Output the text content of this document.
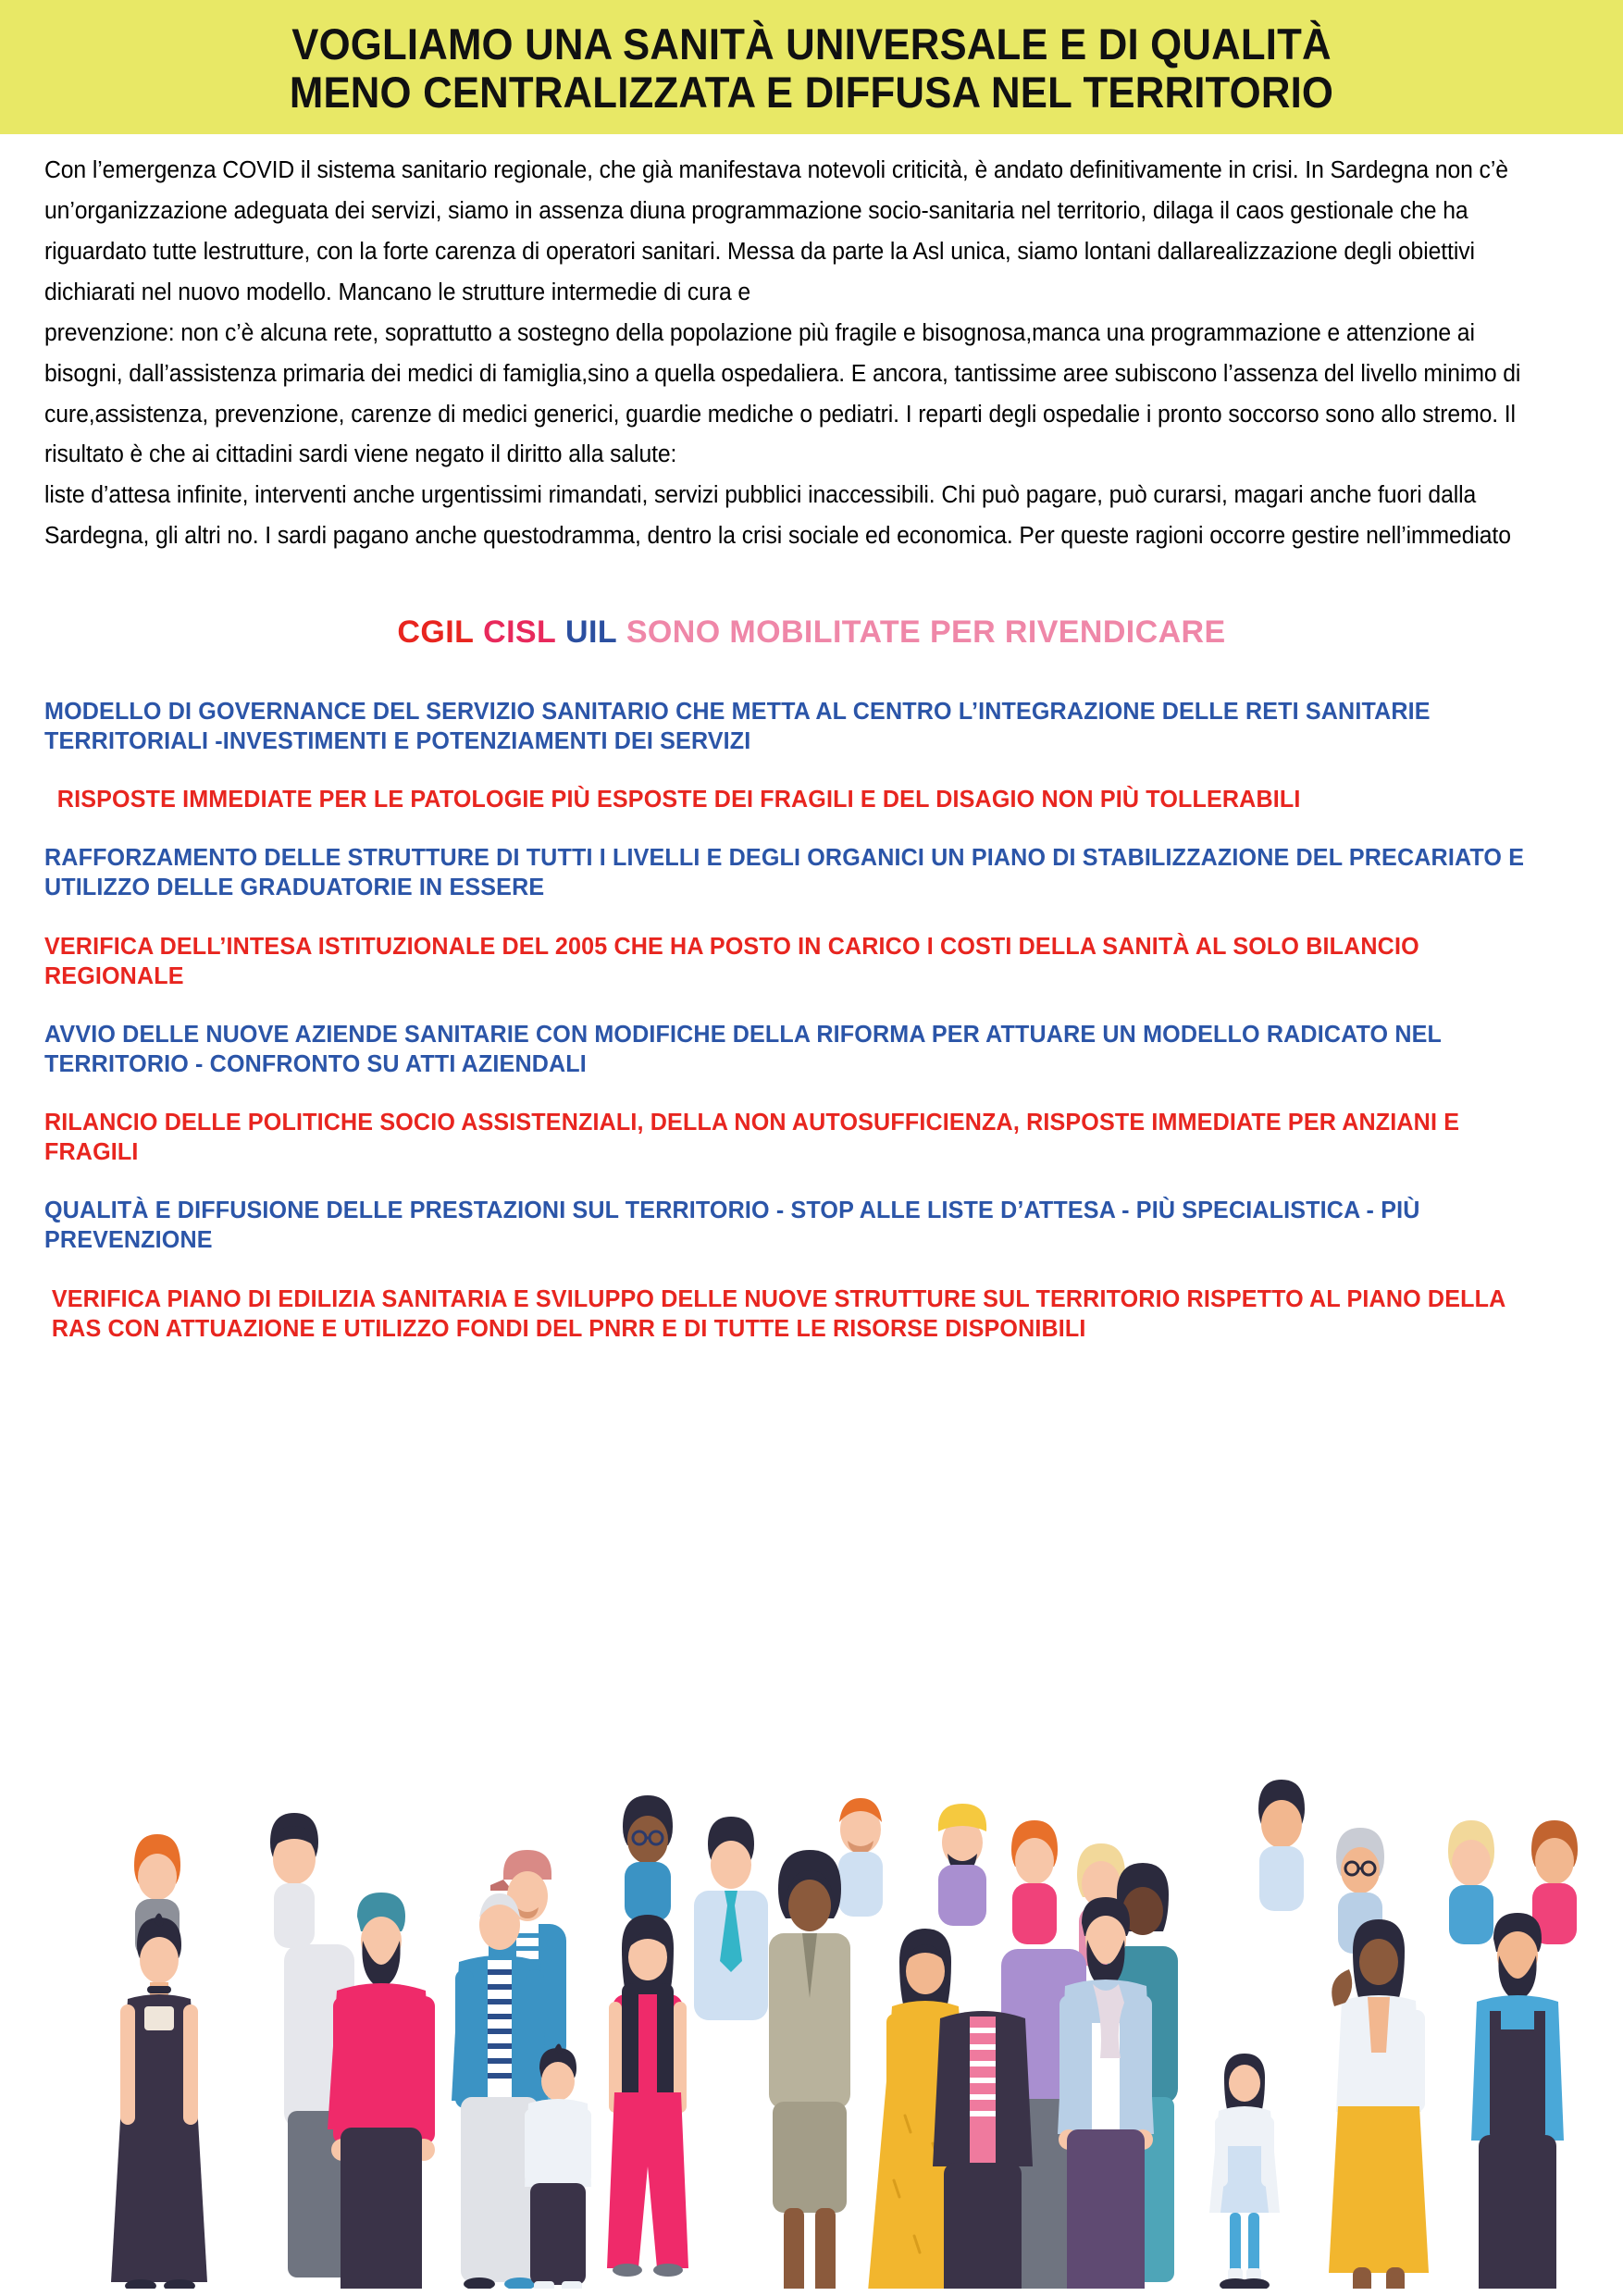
VOGLIAMO UNA SANITÀ UNIVERSALE E DI QUALITÀ
MENO CENTRALIZZATA E DIFFUSA NEL TERRITORIO

Con l’emergenza COVID il sistema sanitario regionale, che già manifestava notevoli criticità, è andato definitivamente in crisi. In Sardegna non c’è un’organizzazione adeguata dei servizi, siamo in assenza diuna programmazione socio-sanitaria nel territorio, dilaga il caos gestionale che ha riguardato tutte lestrutture, con la forte carenza di operatori sanitari. Messa da parte la Asl unica, siamo lontani dallarealizzazione degli obiettivi dichiarati nel nuovo modello. Mancano le strutture intermedie di cura e

prevenzione: non c’è alcuna rete, soprattutto a sostegno della popolazione più fragile e bisognosa,manca una programmazione e attenzione ai bisogni, dall’assistenza primaria dei medici di famiglia,sino a quella ospedaliera. E ancora, tantissime aree subiscono l’assenza del livello minimo di cure,assistenza, prevenzione, carenze di medici generici, guardie mediche o pediatri. I reparti degli ospedalie i pronto soccorso sono allo stremo. Il risultato è che ai cittadini sardi viene negato il diritto alla salute:

liste d’attesa infinite, interventi anche urgentissimi rimandati, servizi pubblici inaccessibili. Chi può pagare, può curarsi, magari anche fuori dalla Sardegna, gli altri no. I sardi pagano anche questodramma, dentro la crisi sociale ed economica. Per queste ragioni occorre gestire nell’immediato

CGIL CISL UIL SONO MOBILITATE PER RIVENDICARE
MODELLO DI GOVERNANCE DEL SERVIZIO SANITARIO CHE METTA AL CENTRO L’INTEGRAZIONE DELLE RETI SANITARIE TERRITORIALI -INVESTIMENTI E POTENZIAMENTI DEI SERVIZI
RISPOSTE IMMEDIATE PER LE PATOLOGIE PIÙ ESPOSTE DEI FRAGILI E DEL DISAGIO NON PIÙ TOLLERABILI
RAFFORZAMENTO DELLE STRUTTURE DI TUTTI I LIVELLI E DEGLI ORGANICI UN PIANO DI STABILIZZAZIONE DEL PRECARIATO E UTILIZZO DELLE GRADUATORIE IN ESSERE
VERIFICA DELL’INTESA ISTITUZIONALE DEL 2005 CHE HA POSTO IN CARICO I COSTI DELLA SANITÀ AL SOLO BILANCIO REGIONALE
AVVIO DELLE NUOVE AZIENDE SANITARIE CON MODIFICHE DELLA RIFORMA PER ATTUARE UN MODELLO RADICATO NEL TERRITORIO - CONFRONTO SU ATTI AZIENDALI
RILANCIO DELLE POLITICHE SOCIO ASSISTENZIALI, DELLA NON AUTOSUFFICIENZA, RISPOSTE IMMEDIATE PER ANZIANI E FRAGILI
QUALITÀ E DIFFUSIONE DELLE PRESTAZIONI SUL TERRITORIO - STOP ALLE LISTE D’ATTESA - PIÙ SPECIALISTICA - PIÙ PREVENZIONE
VERIFICA PIANO DI EDILIZIA SANITARIA E SVILUPPO DELLE NUOVE STRUTTURE SUL TERRITORIO RISPETTO AL PIANO DELLA RAS CON ATTUAZIONE E UTILIZZO FONDI DEL PNRR E DI TUTTE LE RISORSE DISPONIBILI
